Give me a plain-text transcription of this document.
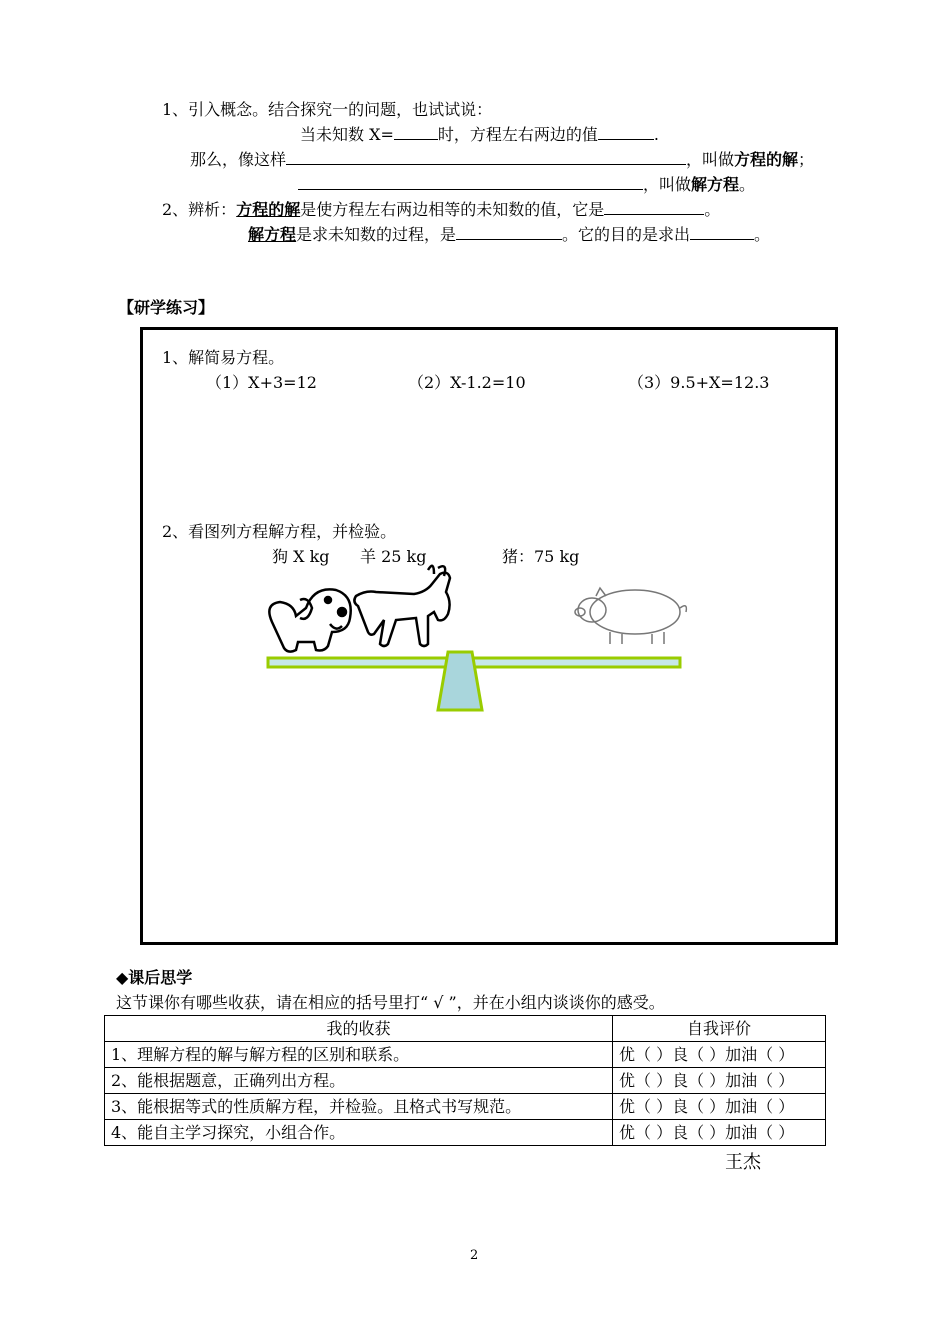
1、引入概念。结合探究一的问题，也试试说：
当未知数 X=	时，方程左右两边的值	.
那么，像这样	，叫做方程的解；
，叫做解方程。
2、辨析：方程的解是使方程左右两边相等的未知数的值，它是	。
解方程是求未知数的过程，是	。它的目的是求出	。
【研学练习】
1、解简易方程。
（1）X+3=12	（2）X-1.2=10	（3）9.5+X=12.3
2、看图列方程解方程，并检验。
狗 X kg 羊 25 kg	猪：75 kg
◆课后思学
这节课你有哪些收获，请在相应的括号里打“ √ ”，并在小组内谈谈你的感受。
我的收获	自我评价
1、理解方程的解与解方程的区别和联系。	优（ ）良（ ）加油（ ）
2、能根据题意，正确列出方程。	优（ ）良（ ）加油（ ）
3、能根据等式的性质解方程，并检验。且格式书写规范。	优（ ）良（ ）加油（ ）
4、能自主学习探究，小组合作。	优（ ）良（ ）加油（ ）
王杰
2
